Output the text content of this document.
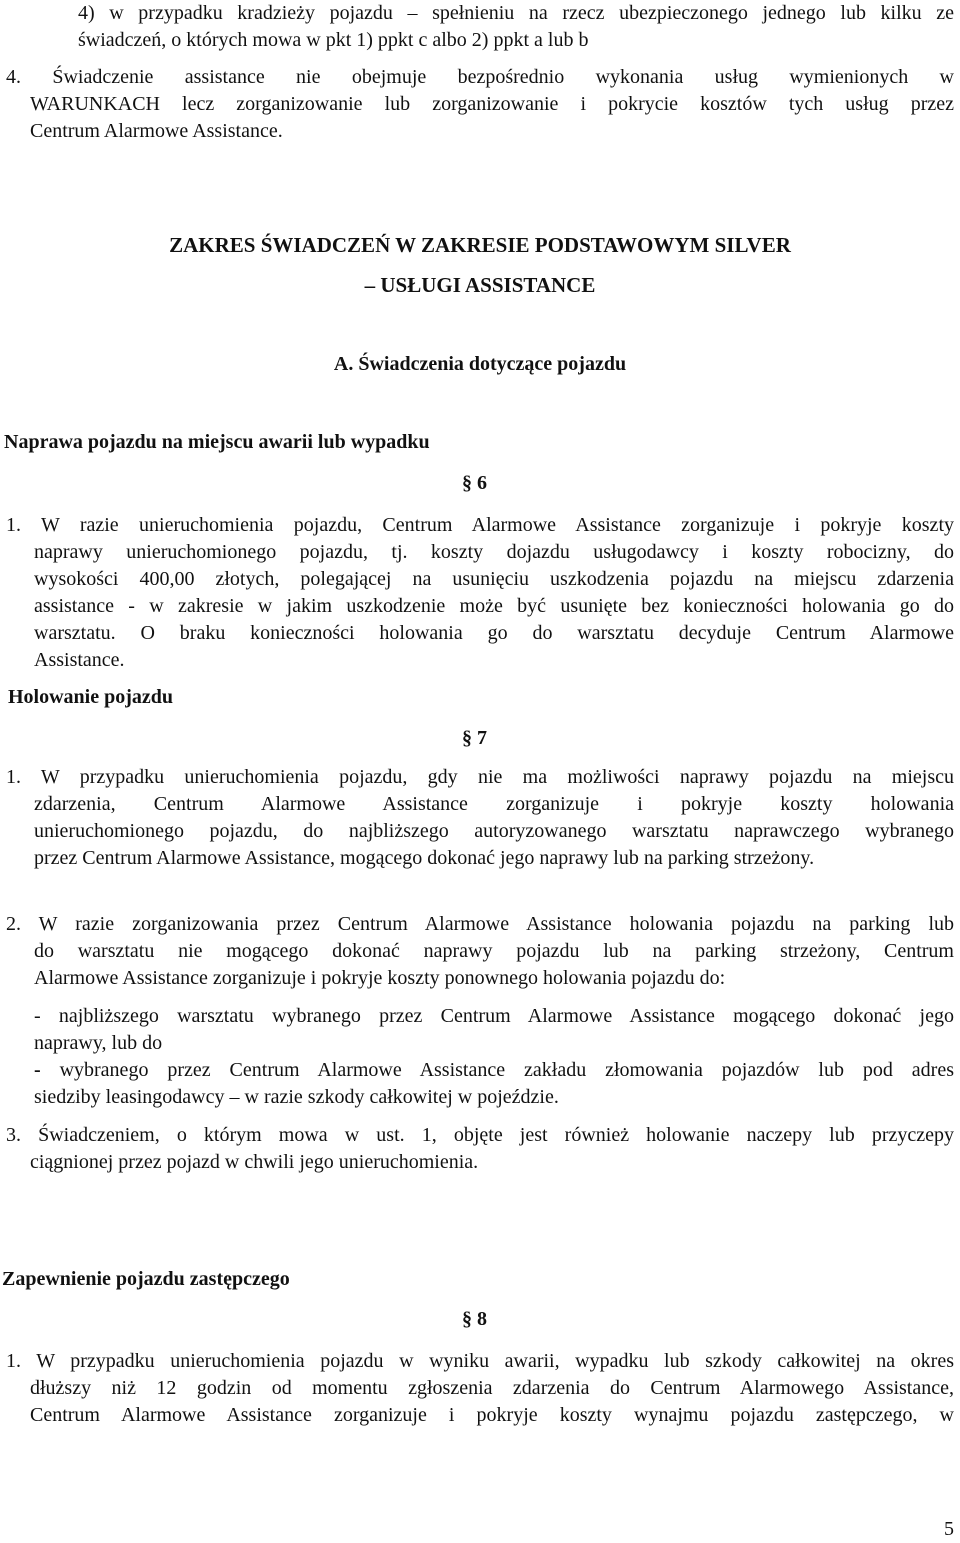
4) w przypadku kradzieży pojazdu – spełnieniu na rzecz ubezpieczonego jednego lub kilku ze
świadczeń, o których mowa w pkt 1) ppkt c albo 2) ppkt a lub b
4. Świadczenie assistance nie obejmuje bezpośrednio wykonania usług wymienionych w
WARUNKACH lecz zorganizowanie lub zorganizowanie i pokrycie kosztów tych usług przez
Centrum Alarmowe Assistance.

ZAKRES ŚWIADCZEŃ W ZAKRESIE PODSTAWOWYM SILVER

– USŁUGI ASSISTANCE

A. Świadczenia dotyczące pojazdu

Naprawa pojazdu na miejscu awarii lub wypadku

§ 6

1. W razie unieruchomienia pojazdu, Centrum Alarmowe Assistance zorganizuje i pokryje koszty
naprawy unieruchomionego pojazdu, tj. koszty dojazdu usługodawcy i koszty robocizny, do
wysokości 400,00 złotych, polegającej na usunięciu uszkodzenia pojazdu na miejscu zdarzenia
assistance - w zakresie w jakim uszkodzenie może być usunięte bez konieczności holowania go do
warsztatu. O braku konieczności holowania go do warsztatu decyduje Centrum Alarmowe
Assistance.

Holowanie pojazdu

§ 7

1. W przypadku unieruchomienia pojazdu, gdy nie ma możliwości naprawy pojazdu na miejscu
zdarzenia, Centrum Alarmowe Assistance zorganizuje i pokryje koszty holowania
unieruchomionego pojazdu, do najbliższego autoryzowanego warsztatu naprawczego wybranego
przez Centrum Alarmowe Assistance, mogącego dokonać jego naprawy lub na parking strzeżony.
2. W razie zorganizowania przez Centrum Alarmowe Assistance holowania pojazdu na parking lub
do warsztatu nie mogącego dokonać naprawy pojazdu lub na parking strzeżony, Centrum
Alarmowe Assistance zorganizuje i pokryje koszty ponownego holowania pojazdu do:
- najbliższego warsztatu wybranego przez Centrum Alarmowe Assistance mogącego dokonać jego
naprawy, lub do
- wybranego przez Centrum Alarmowe Assistance zakładu złomowania pojazdów lub pod adres
siedziby leasingodawcy – w razie szkody całkowitej w pojeździe.
3. Świadczeniem, o którym mowa w ust. 1, objęte jest również holowanie naczepy lub przyczepy
ciągnionej przez pojazd w chwili jego unieruchomienia.

Zapewnienie pojazdu zastępczego

§ 8

1. W przypadku unieruchomienia pojazdu w wyniku awarii, wypadku lub szkody całkowitej na okres
dłuższy niż 12 godzin od momentu zgłoszenia zdarzenia do Centrum Alarmowego Assistance,
Centrum Alarmowe Assistance zorganizuje i pokryje koszty wynajmu pojazdu zastępczego, w

5
